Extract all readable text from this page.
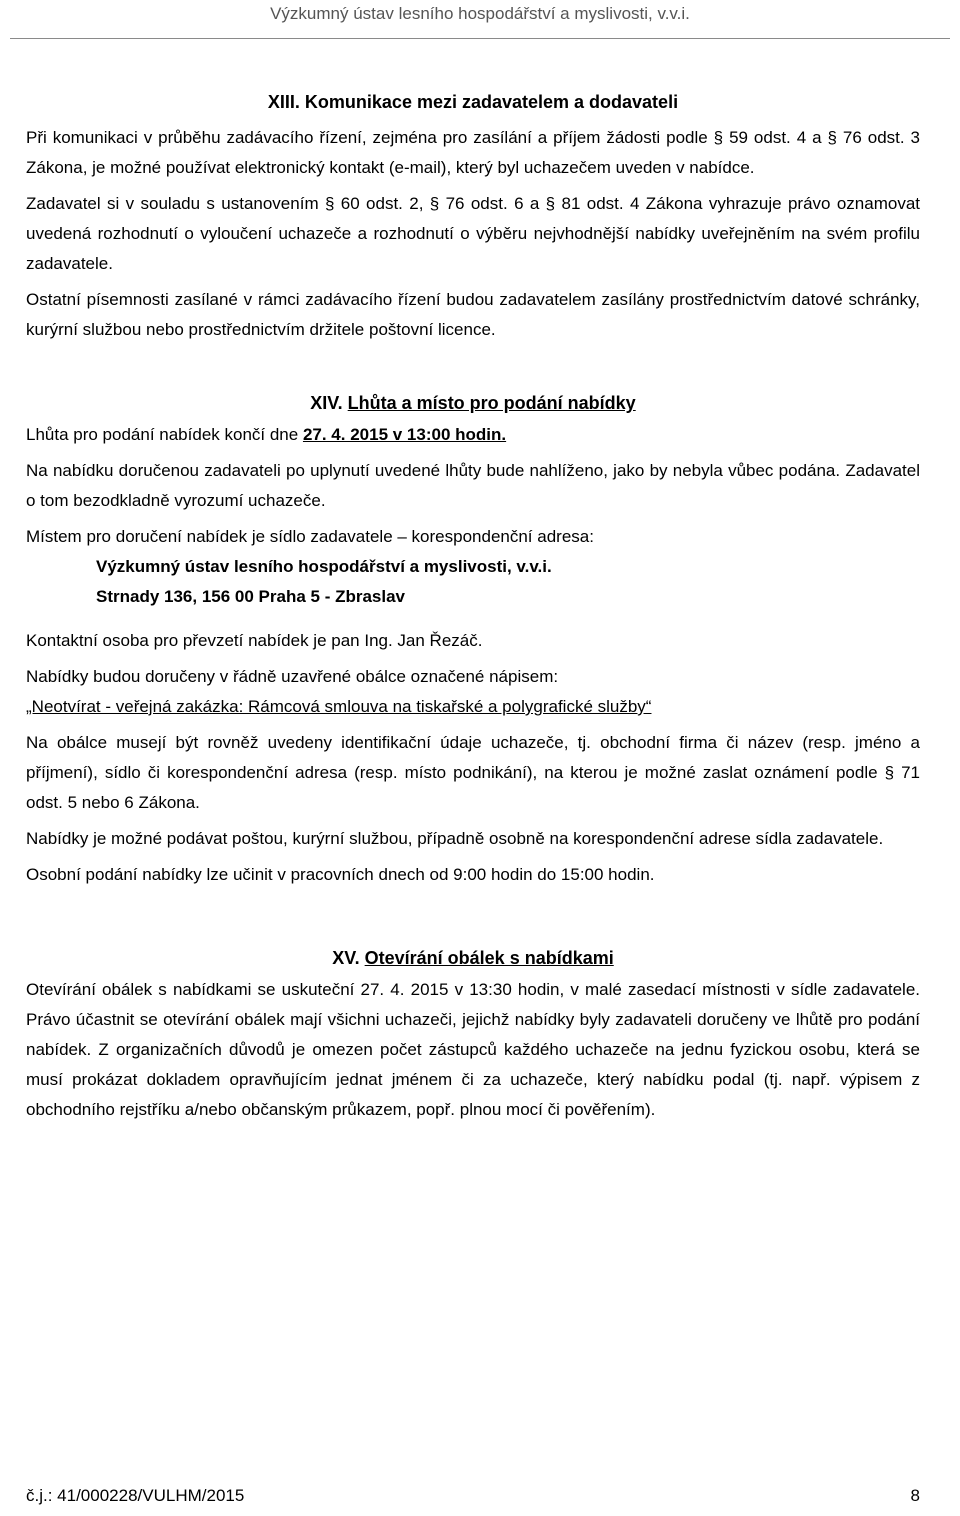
Výzkumný ústav lesního hospodářství a myslivosti, v.v.i.

XIII. Komunikace mezi zadavatelem a dodavateli

Při komunikaci v průběhu zadávacího řízení, zejména pro zasílání a příjem žádosti podle § 59 odst. 4 a § 76 odst. 3 Zákona, je možné používat elektronický kontakt (e-mail), který byl uchazečem uveden v nabídce.

Zadavatel si v souladu s ustanovením § 60 odst. 2, § 76 odst. 6 a § 81 odst. 4 Zákona vyhrazuje právo oznamovat uvedená rozhodnutí o vyloučení uchazeče a rozhodnutí o výběru nejvhodnější nabídky uveřejněním na svém profilu zadavatele.

Ostatní písemnosti zasílané v rámci zadávacího řízení budou zadavatelem zasílány prostřednictvím datové schránky, kurýrní službou nebo prostřednictvím držitele poštovní licence.

XIV. Lhůta a místo pro podání nabídky

Lhůta pro podání nabídek končí dne 27. 4. 2015 v 13:00 hodin.

Na nabídku doručenou zadavateli po uplynutí uvedené lhůty bude nahlíženo, jako by nebyla vůbec podána. Zadavatel o tom bezodkladně vyrozumí uchazeče.

Místem pro doručení nabídek je sídlo zadavatele – korespondenční adresa:

Výzkumný ústav lesního hospodářství a myslivosti, v.v.i.

Strnady 136, 156 00 Praha 5 - Zbraslav

Kontaktní osoba pro převzetí nabídek je pan Ing. Jan Řezáč.

Nabídky budou doručeny v řádně uzavřené obálce označené nápisem:

„Neotvírat - veřejná zakázka: Rámcová smlouva na tiskařské a polygrafické služby“

Na obálce musejí být rovněž uvedeny identifikační údaje uchazeče, tj. obchodní firma či název (resp. jméno a příjmení), sídlo či korespondenční adresa (resp. místo podnikání), na kterou je možné zaslat oznámení podle § 71 odst. 5 nebo 6 Zákona.

Nabídky je možné podávat poštou, kurýrní službou, případně osobně na korespondenční adrese sídla zadavatele.

Osobní podání nabídky lze učinit v pracovních dnech od 9:00 hodin do 15:00 hodin.

XV. Otevírání obálek s nabídkami

Otevírání obálek s nabídkami se uskuteční 27. 4. 2015 v 13:30 hodin, v malé zasedací místnosti v sídle zadavatele. Právo účastnit se otevírání obálek mají všichni uchazeči, jejichž nabídky byly zadavateli doručeny ve lhůtě pro podání nabídek. Z organizačních důvodů je omezen počet zástupců každého uchazeče na jednu fyzickou osobu, která se musí prokázat dokladem opravňujícím jednat jménem či za uchazeče, který nabídku podal (tj. např. výpisem z obchodního rejstříku a/nebo občanským průkazem, popř. plnou mocí či pověřením).

č.j.: 41/000228/VULHM/2015	8
